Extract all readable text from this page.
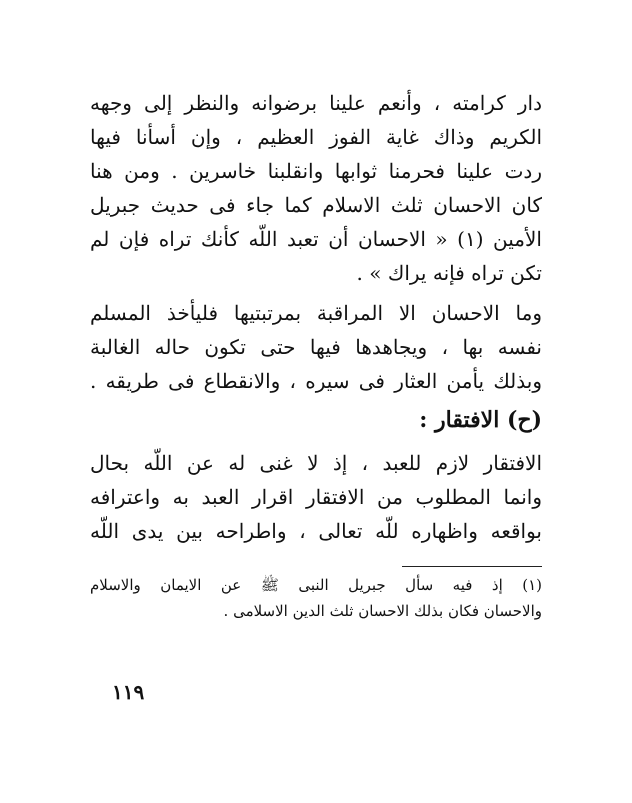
دار كرامته ، وأنعم علينا برضوانه والنظر إلى وجهه
الكريم وذاك غاية الفوز العظيم ، وإن أسأنا فيها
ردت علينا فحرمنا ثوابها وانقلبنا خاسرين . ومن هنا
كان الاحسان ثلث الاسلام كما جاء فى حديث جبريل
الأمين (١) « الاحسان أن تعبد اللّه كأنك تراه فإن لم
تكن تراه فإنه يراك » .
وما الاحسان الا المراقبة بمرتبتيها فليأخذ المسلم
نفسه بها ، ويجاهدها فيها حتى تكون حاله الغالبة
وبذلك يأمن العثار فى سيره ، والانقطاع فى طريقه .
(ح) الافتقار :
الافتقار لازم للعبد ، إذ لا غنى له عن اللّه بحال
وانما المطلوب من الافتقار اقرار العبد به واعترافه
بواقعه واظهاره للّه تعالى ، واطراحه بين يدى اللّه
(١) إذ فيه سأل جبريل النبى ﷺ عن الايمان والاسلام
والاحسان فكان بذلك الاحسان ثلث الدين الاسلامى .
١١٩
